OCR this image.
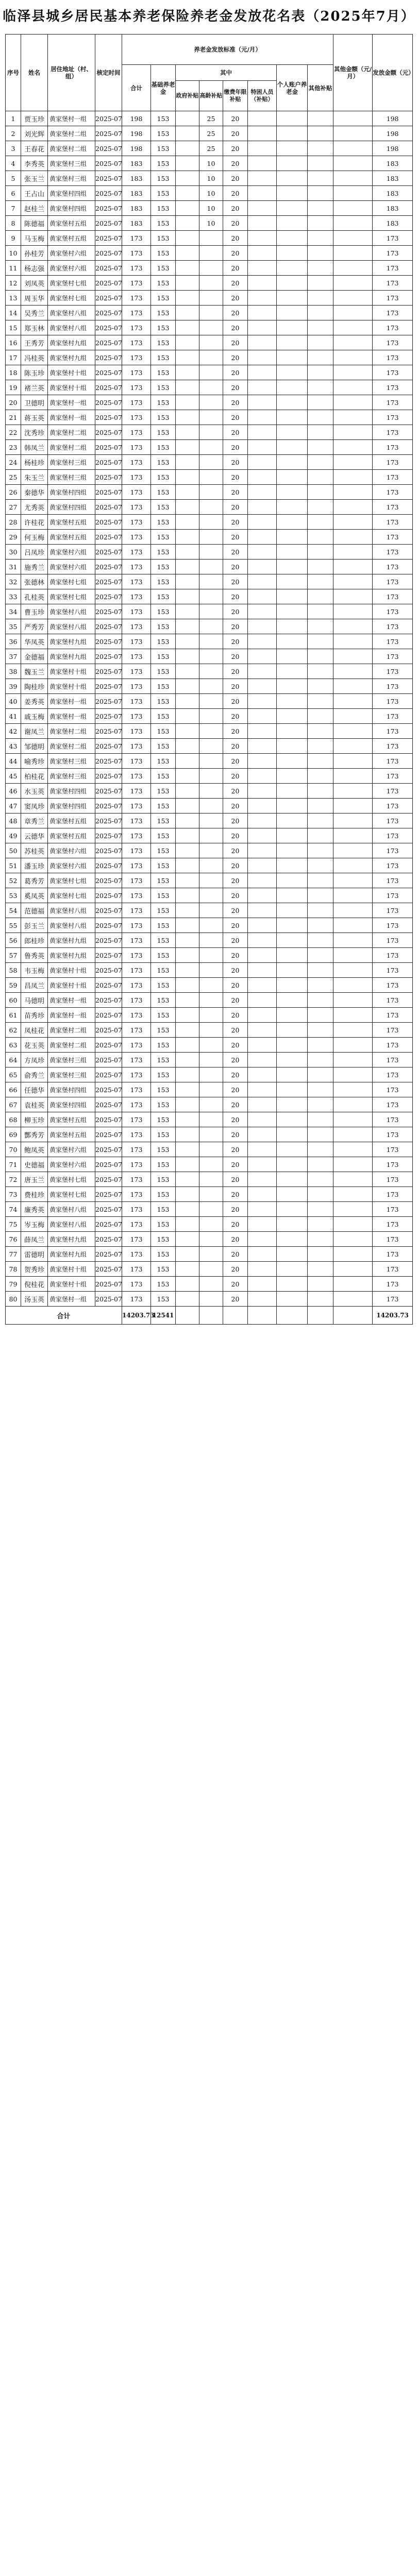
临泽县城乡居民基本养老保险养老金发放花名表（2025年7月）
序号	姓名	居住地址（村、组）	核定时间	养老金发放标准（元/月）								其他金额（元/月）	发放金额（元）
				合计	基础养老金	其中				个人账户养老金	其他补贴		
						政府补贴	高龄补贴	缴费年限补贴	特困人员（补贴）				
1	贾玉珍	黄家堡村一组	2025-07	198	153		25	20					198
2	刘光辉	黄家堡村二组	2025-07	198	153		25	20					198
3	王春花	黄家堡村二组	2025-07	198	153		25	20					198
4	李秀英	黄家堡村三组	2025-07	183	153		10	20					183
5	张玉兰	黄家堡村三组	2025-07	183	153		10	20					183
6	王占山	黄家堡村四组	2025-07	183	153		10	20					183
7	赵桂兰	黄家堡村四组	2025-07	183	153		10	20					183
8	陈德福	黄家堡村五组	2025-07	183	153		10	20					183
9	马玉梅	黄家堡村五组	2025-07	173	153			20					173
10	孙桂芳	黄家堡村六组	2025-07	173	153			20					173
11	杨志强	黄家堡村六组	2025-07	173	153			20					173
12	刘凤英	黄家堡村七组	2025-07	173	153			20					173
13	周玉华	黄家堡村七组	2025-07	173	153			20					173
14	吴秀兰	黄家堡村八组	2025-07	173	153			20					173
15	郑玉林	黄家堡村八组	2025-07	173	153			20					173
16	王秀芳	黄家堡村九组	2025-07	173	153			20					173
17	冯桂英	黄家堡村九组	2025-07	173	153			20					173
18	陈玉珍	黄家堡村十组	2025-07	173	153			20					173
19	褚兰英	黄家堡村十组	2025-07	173	153			20					173
20	卫德明	黄家堡村一组	2025-07	173	153			20					173
21	蒋玉英	黄家堡村一组	2025-07	173	153			20					173
22	沈秀珍	黄家堡村二组	2025-07	173	153			20					173
23	韩凤兰	黄家堡村二组	2025-07	173	153			20					173
24	杨桂珍	黄家堡村三组	2025-07	173	153			20					173
25	朱玉兰	黄家堡村三组	2025-07	173	153			20					173
26	秦德华	黄家堡村四组	2025-07	173	153			20					173
27	尤秀英	黄家堡村四组	2025-07	173	153			20					173
28	许桂花	黄家堡村五组	2025-07	173	153			20					173
29	何玉梅	黄家堡村五组	2025-07	173	153			20					173
30	吕凤珍	黄家堡村六组	2025-07	173	153			20					173
31	施秀兰	黄家堡村六组	2025-07	173	153			20					173
32	张德林	黄家堡村七组	2025-07	173	153			20					173
33	孔桂英	黄家堡村七组	2025-07	173	153			20					173
34	曹玉珍	黄家堡村八组	2025-07	173	153			20					173
35	严秀芳	黄家堡村八组	2025-07	173	153			20					173
36	华凤英	黄家堡村九组	2025-07	173	153			20					173
37	金德福	黄家堡村九组	2025-07	173	153			20					173
38	魏玉兰	黄家堡村十组	2025-07	173	153			20					173
39	陶桂珍	黄家堡村十组	2025-07	173	153			20					173
40	姜秀英	黄家堡村一组	2025-07	173	153			20					173
41	戚玉梅	黄家堡村一组	2025-07	173	153			20					173
42	谢凤兰	黄家堡村二组	2025-07	173	153			20					173
43	邹德明	黄家堡村二组	2025-07	173	153			20					173
44	喻秀珍	黄家堡村三组	2025-07	173	153			20					173
45	柏桂花	黄家堡村三组	2025-07	173	153			20					173
46	水玉英	黄家堡村四组	2025-07	173	153			20					173
47	窦凤珍	黄家堡村四组	2025-07	173	153			20					173
48	章秀兰	黄家堡村五组	2025-07	173	153			20					173
49	云德华	黄家堡村五组	2025-07	173	153			20					173
50	苏桂英	黄家堡村六组	2025-07	173	153			20					173
51	潘玉珍	黄家堡村六组	2025-07	173	153			20					173
52	葛秀芳	黄家堡村七组	2025-07	173	153			20					173
53	奚凤英	黄家堡村七组	2025-07	173	153			20					173
54	范德福	黄家堡村八组	2025-07	173	153			20					173
55	彭玉兰	黄家堡村八组	2025-07	173	153			20					173
56	郎桂珍	黄家堡村九组	2025-07	173	153			20					173
57	鲁秀英	黄家堡村九组	2025-07	173	153			20					173
58	韦玉梅	黄家堡村十组	2025-07	173	153			20					173
59	昌凤兰	黄家堡村十组	2025-07	173	153			20					173
60	马德明	黄家堡村一组	2025-07	173	153			20					173
61	苗秀珍	黄家堡村一组	2025-07	173	153			20					173
62	凤桂花	黄家堡村二组	2025-07	173	153			20					173
63	花玉英	黄家堡村二组	2025-07	173	153			20					173
64	方凤珍	黄家堡村三组	2025-07	173	153			20					173
65	俞秀兰	黄家堡村三组	2025-07	173	153			20					173
66	任德华	黄家堡村四组	2025-07	173	153			20					173
67	袁桂英	黄家堡村四组	2025-07	173	153			20					173
68	柳玉珍	黄家堡村五组	2025-07	173	153			20					173
69	酆秀芳	黄家堡村五组	2025-07	173	153			20					173
70	鲍凤英	黄家堡村六组	2025-07	173	153			20					173
71	史德福	黄家堡村六组	2025-07	173	153			20					173
72	唐玉兰	黄家堡村七组	2025-07	173	153			20					173
73	费桂珍	黄家堡村七组	2025-07	173	153			20					173
74	廉秀英	黄家堡村八组	2025-07	173	153			20					173
75	岑玉梅	黄家堡村八组	2025-07	173	153			20					173
76	薛凤兰	黄家堡村九组	2025-07	173	153			20					173
77	雷德明	黄家堡村九组	2025-07	173	153			20					173
78	贺秀珍	黄家堡村十组	2025-07	173	153			20					173
79	倪桂花	黄家堡村十组	2025-07	173	153			20					173
80	汤玉英	黄家堡村一组	2025-07	173	153			20					173
合计				14203.73	12541								14203.73
